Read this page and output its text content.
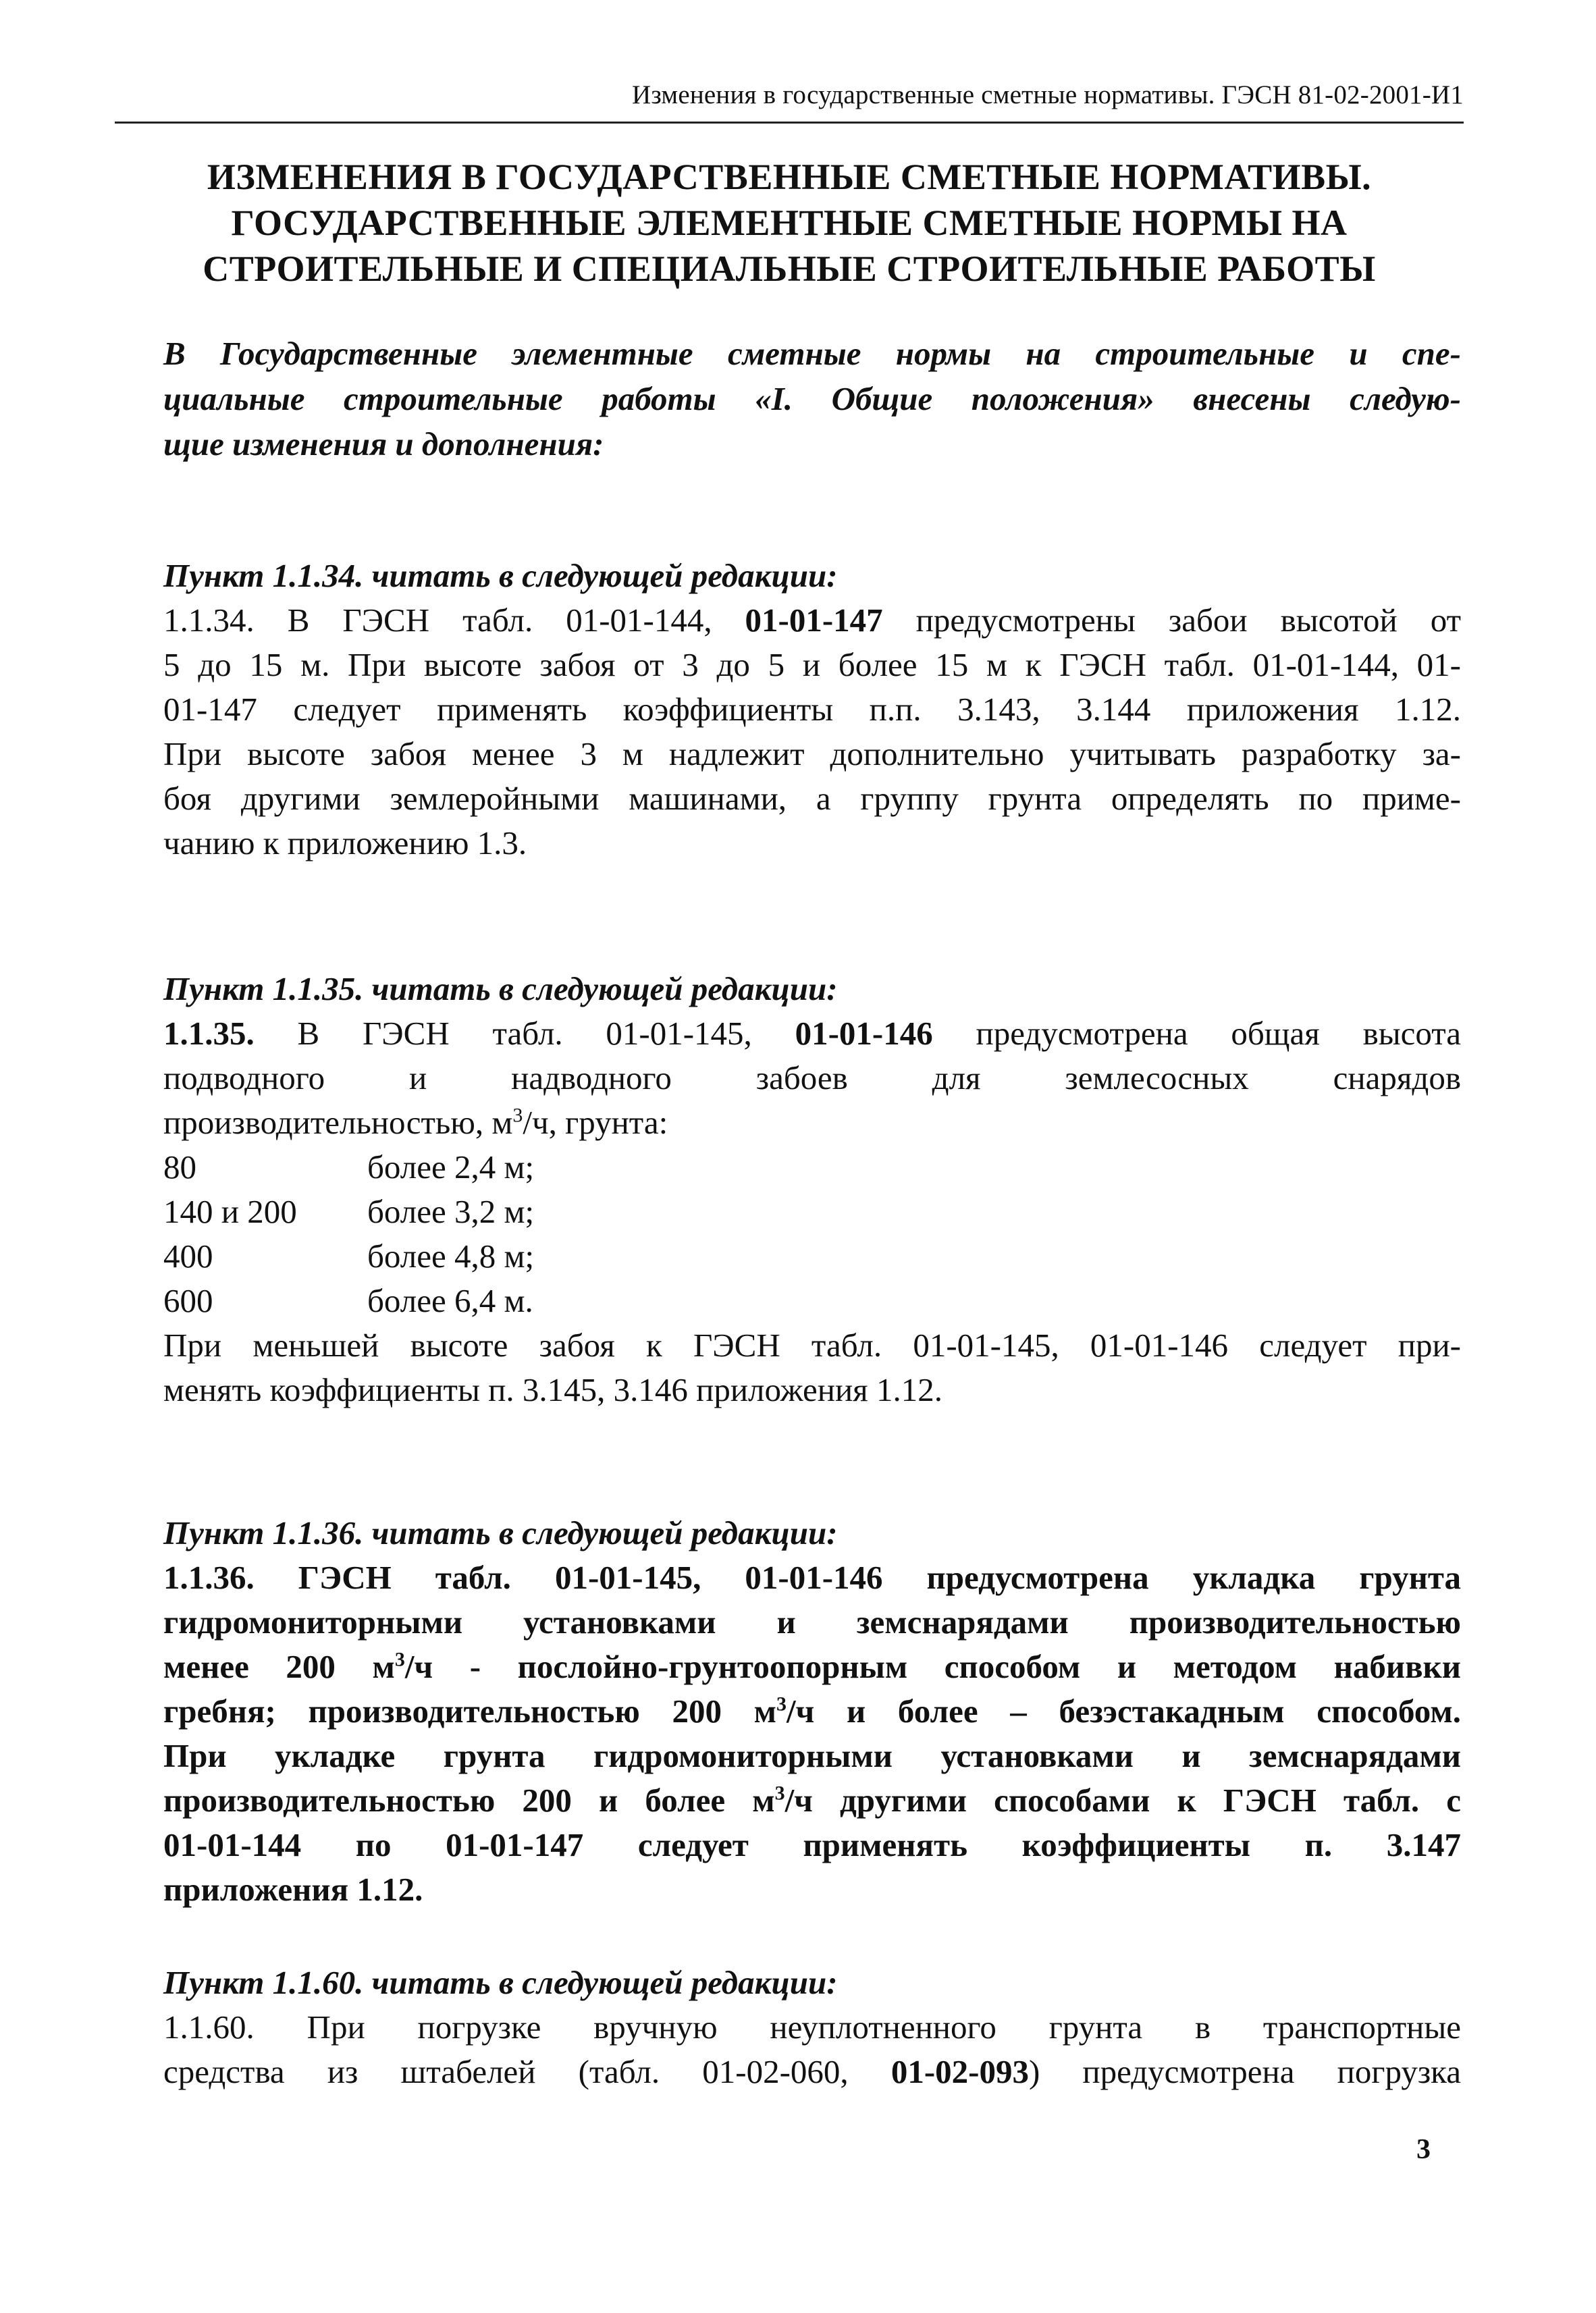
Изменения в государственные сметные нормативы. ГЭСН 81-02-2001-И1
ИЗМЕНЕНИЯ В ГОСУДАРСТВЕННЫЕ СМЕТНЫЕ НОРМАТИВЫ.
ГОСУДАРСТВЕННЫЕ ЭЛЕМЕНТНЫЕ СМЕТНЫЕ НОРМЫ НА
СТРОИТЕЛЬНЫЕ И СПЕЦИАЛЬНЫЕ СТРОИТЕЛЬНЫЕ РАБОТЫ
В Государственные элементные сметные нормы на строительные и спе-
циальные строительные работы «I. Общие положения» внесены следую-
щие изменения и дополнения:
Пункт 1.1.34. читать в следующей редакции:
1.1.34. В ГЭСН табл. 01-01-144, 01-01-147 предусмотрены забои высотой от
5 до 15 м. При высоте забоя от 3 до 5 и более 15 м к ГЭСН табл. 01-01-144, 01-
01-147 следует применять коэффициенты п.п. 3.143, 3.144 приложения 1.12.
При высоте забоя менее 3 м надлежит дополнительно учитывать разработку за-
боя другими землеройными машинами, а группу грунта определять по приме-
чанию к приложению 1.3.
Пункт 1.1.35. читать в следующей редакции:
1.1.35. В ГЭСН табл. 01-01-145, 01-01-146 предусмотрена общая высота
подводного и надводного забоев для землесосных снарядов
производительностью, $м^3/ч$, грунта:
80	более 2,4 м;
140 и 200 более 3,2 м;
400	более 4,8 м;
600	более 6,4 м.
При меньшей высоте забоя к ГЭСН табл. 01-01-145, 01-01-146 следует при-
менять коэффициенты п. 3.145, 3.146 приложения 1.12.
Пункт 1.1.36. читать в следующей редакции:
1.1.36. ГЭСН табл. 01-01-145, 01-01-146 предусмотрена укладка грунта
гидромониторными установками и земснарядами производительностью
менее 200 $м^3/ч$ - послойно-грунтоопорным способом и методом набивки
гребня; производительностью 200 $м^3/ч$ и более – безэстакадным способом.
При укладке грунта гидромониторными установками и земснарядами
производительностью 200 и более $м^3/ч$ другими способами к ГЭСН табл. с
01-01-144 по 01-01-147 следует применять коэффициенты п. 3.147
приложения 1.12.
Пункт 1.1.60. читать в следующей редакции:
1.1.60. При погрузке вручную неуплотненного грунта в транспортные
средства из штабелей (табл. 01-02-060, 01-02-093) предусмотрена погрузка
3
